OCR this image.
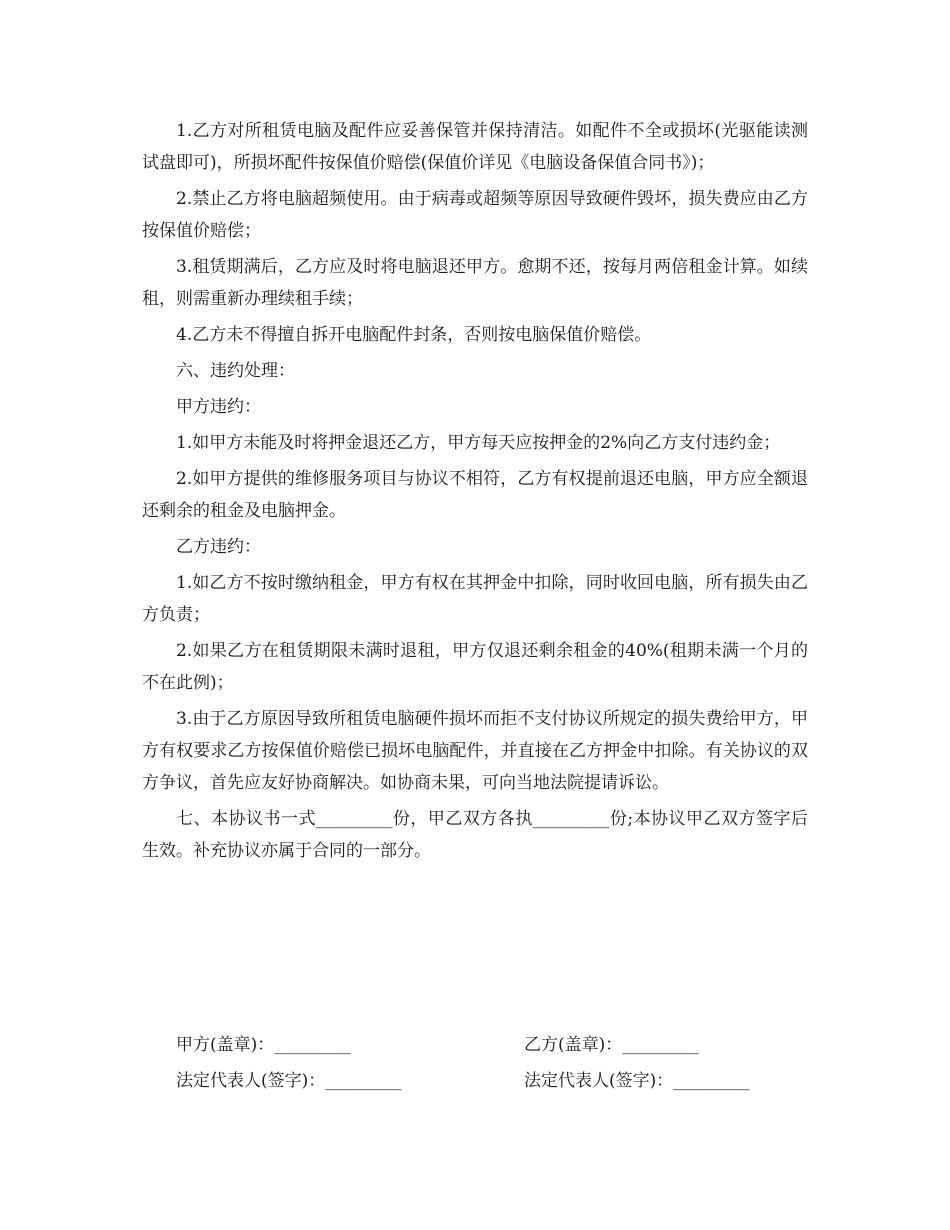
1.乙方对所租赁电脑及配件应妥善保管并保持清洁。如配件不全或损坏(光驱能读测试盘即可)，所损坏配件按保值价赔偿(保值价详见《电脑设备保值合同书》)；

2.禁止乙方将电脑超频使用。由于病毒或超频等原因导致硬件毁坏，损失费应由乙方按保值价赔偿；

3.租赁期满后，乙方应及时将电脑退还甲方。愈期不还，按每月两倍租金计算。如续租，则需重新办理续租手续；

4.乙方未不得擅自拆开电脑配件封条，否则按电脑保值价赔偿。

六、违约处理：

甲方违约：

1.如甲方未能及时将押金退还乙方，甲方每天应按押金的2%向乙方支付违约金；

2.如甲方提供的维修服务项目与协议不相符，乙方有权提前退还电脑，甲方应全额退还剩余的租金及电脑押金。

乙方违约：

1.如乙方不按时缴纳租金，甲方有权在其押金中扣除，同时收回电脑，所有损失由乙方负责；

2.如果乙方在租赁期限未满时退租，甲方仅退还剩余租金的40%(租期未满一个月的不在此例)；

3.由于乙方原因导致所租赁电脑硬件损坏而拒不支付协议所规定的损失费给甲方，甲方有权要求乙方按保值价赔偿已损坏电脑配件，并直接在乙方押金中扣除。有关协议的双方争议，首先应友好协商解决。如协商未果，可向当地法院提请诉讼。

七、本协议书一式_________份，甲乙双方各执_________份;本协议甲乙双方签字后生效。补充协议亦属于合同的一部分。

甲方(盖章)：_________	乙方(盖章)：_________
法定代表人(签字)：_________	法定代表人(签字)：_________
